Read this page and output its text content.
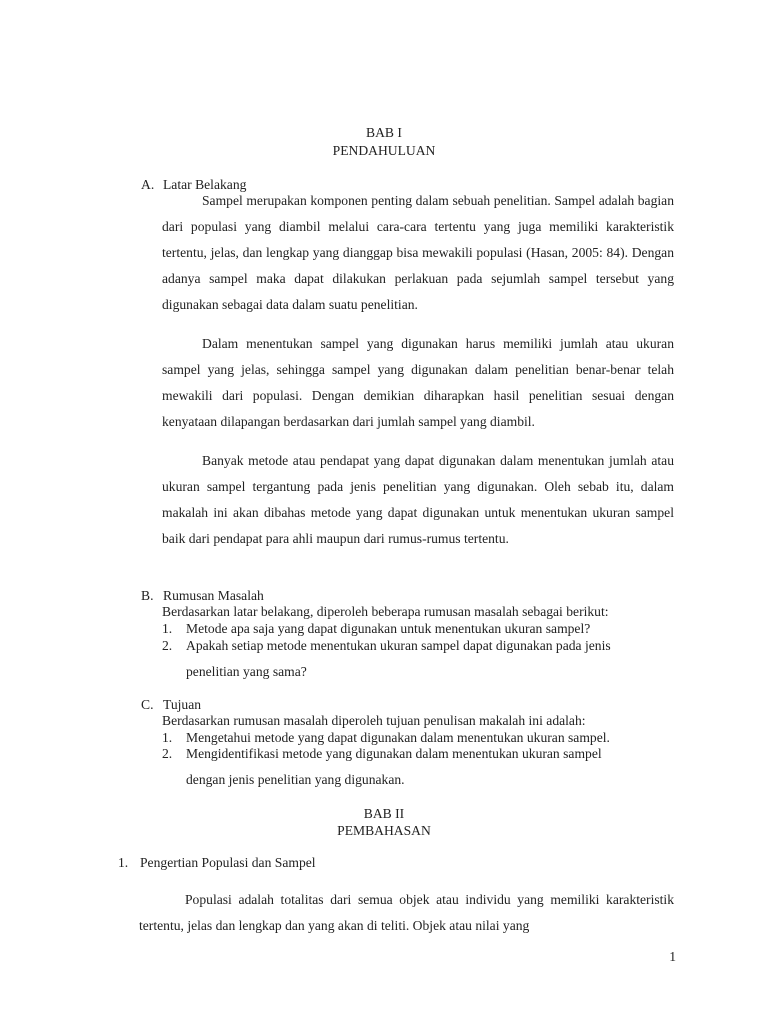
BAB I
PENDAHULUAN
A. Latar Belakang
Sampel merupakan komponen penting dalam sebuah penelitian. Sampel adalah bagian dari populasi yang diambil melalui cara-cara tertentu yang juga memiliki karakteristik tertentu, jelas, dan lengkap yang dianggap bisa mewakili populasi (Hasan, 2005: 84). Dengan adanya sampel maka dapat dilakukan perlakuan pada sejumlah sampel tersebut yang digunakan sebagai data dalam suatu penelitian.
Dalam menentukan sampel yang digunakan harus memiliki jumlah atau ukuran sampel yang jelas, sehingga sampel yang digunakan dalam penelitian benar-benar telah mewakili dari populasi. Dengan demikian diharapkan hasil penelitian sesuai dengan kenyataan dilapangan berdasarkan dari jumlah sampel yang diambil.
Banyak metode atau pendapat yang dapat digunakan dalam menentukan jumlah atau ukuran sampel tergantung pada jenis penelitian yang digunakan. Oleh sebab itu, dalam makalah ini akan dibahas metode yang dapat digunakan untuk menentukan ukuran sampel baik dari pendapat para ahli maupun dari rumus-rumus tertentu.
B. Rumusan Masalah
Berdasarkan latar belakang, diperoleh beberapa rumusan masalah sebagai berikut:
1. Metode apa saja yang dapat digunakan untuk menentukan ukuran sampel?
2. Apakah setiap metode menentukan ukuran sampel dapat digunakan pada jenis
penelitian yang sama?
C. Tujuan
Berdasarkan rumusan masalah diperoleh tujuan penulisan makalah ini adalah:
1. Mengetahui metode yang dapat digunakan dalam menentukan ukuran sampel.
2. Mengidentifikasi metode yang digunakan dalam menentukan ukuran sampel
dengan jenis penelitian yang digunakan.
BAB II
PEMBAHASAN
1. Pengertian Populasi dan Sampel
Populasi adalah totalitas dari semua objek atau individu yang memiliki karakteristik tertentu, jelas dan lengkap dan yang akan di teliti. Objek atau nilai yang
1
